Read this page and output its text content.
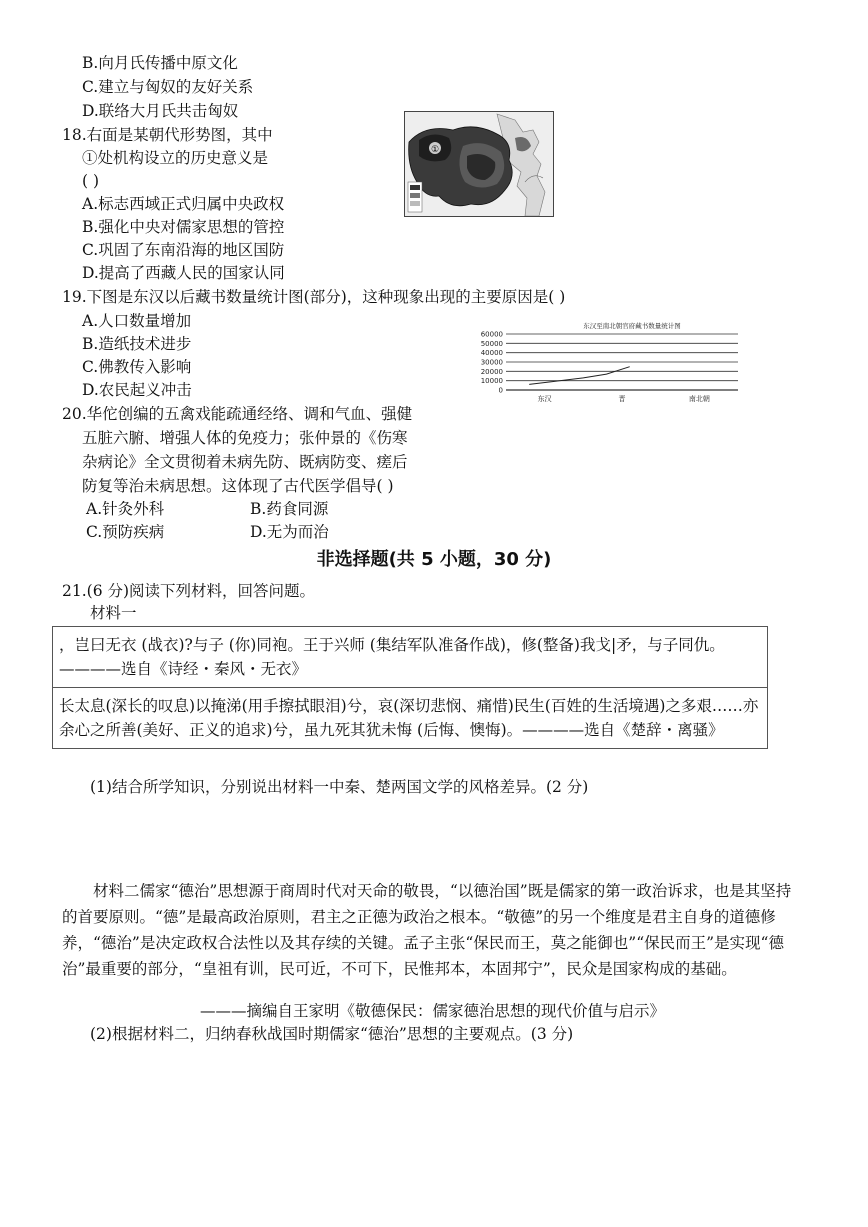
B.向月氏传播中原文化
C.建立与匈奴的友好关系
D.联络大月氏共击匈奴
18.右面是某朝代形势图，其中
①处机构设立的历史意义是
( )
A.标志西域正式归属中央政权
B.强化中央对儒家思想的管控
C.巩固了东南沿海的地区国防
D.提高了西藏人民的国家认同
①
19.下图是东汉以后藏书数量统计图(部分)，这种现象出现的主要原因是( )
A.人口数量增加
B.造纸技术进步
C.佛教传入影响
D.农民起义冲击
东汉至南北朝官府藏书数量统计图
60000
50000
40000
30000
20000
10000
0
东汉	晋	南北朝
20.华佗创编的五禽戏能疏通经络、调和气血、强健
五脏六腑、增强人体的免疫力；张仲景的《伤寒
杂病论》全文贯彻着未病先防、既病防变、瘥后
防复等治未病思想。这体现了古代医学倡导( )
A.针灸外科	B.药食同源
C.预防疾病	D.无为而治
非选择题(共 5 小题，30 分)
21.(6 分)阅读下列材料，回答问题。
材料一
，岂曰无衣 (战衣)?与子 (你)同袍。王于兴师 (集结军队准备作战)，修(整备)我戈|矛，与子同仇。————选自《诗经・秦风・无衣》
长太息(深长的叹息)以掩涕(用手擦拭眼泪)兮，哀(深切悲悯、痛惜)民生(百姓的生活境遇)之多艰……亦余心之所善(美好、正义的追求)兮，虽九死其犹未悔 (后悔、懊悔)。————选自《楚辞・离骚》
(1)结合所学知识，分别说出材料一中秦、楚两国文学的风格差异。(2 分)
材料二儒家“德治”思想源于商周时代对天命的敬畏，“以德治国”既是儒家的第一政治诉求，也是其坚持的首要原则。“德”是最高政治原则，君主之正德为政治之根本。“敬德”的另一个维度是君主自身的道德修养，“德治”是决定政权合法性以及其存续的关键。孟子主张“保民而王，莫之能御也”“保民而王”是实现“德治”最重要的部分，“皇祖有训，民可近，不可下，民惟邦本，本固邦宁”，民众是国家构成的基础。
———摘编自王家明《敬德保民：儒家德治思想的现代价值与启示》
(2)根据材料二，归纳春秋战国时期儒家“德治”思想的主要观点。(3 分)
